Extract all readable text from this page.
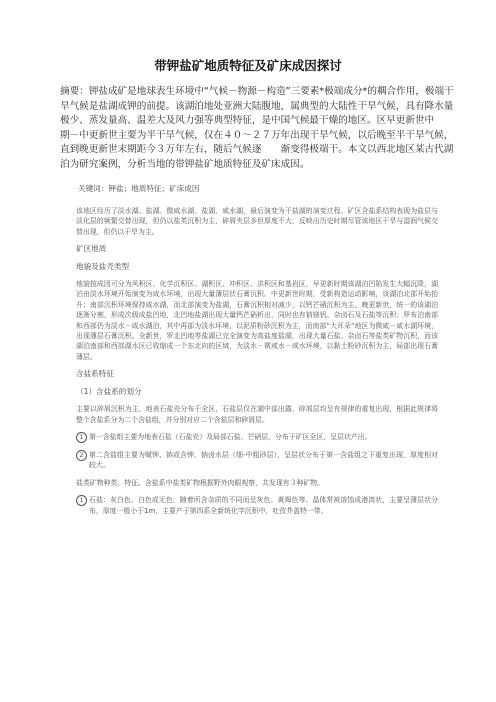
带钾盐矿地质特征及矿床成因探讨

摘要：钾盐成矿是地球表生环境中“气候－物源－构造”三要素*极端成分*的耦合作用，极端干旱气候是盐湖成钾的前提。该湖泊地处亚洲大陆腹地，属典型的大陆性干旱气候，具有降水量极少、蒸发量高、温差大及风力强等典型特征，是中国气候最干燥的地区。区早更新世中　　期－中更新世主要为半干旱气候，仅在４０～２７万年出现干旱气候，以后晚至半干旱气候，直到晚更新世末期距今３万年左右，随后气候逐　　渐变得极端干。本文以西北地区某古代湖泊为研究案例，分析当地的带钾盐矿地质特征及矿床成因。

关键词：钾盐；地质特征；矿床成因

该地区经历了淡水湖、盐湖、微咸水湖、盐湖、咸水湖，最后演变为干盐湖的演变过程。矿区含盐系结构表现为盐层与淡化层的频繁交替出现，但仍以盐类沉积为主，碎屑夹层多但厚度不大，反映出历史时期尽管该地区干旱与湿润气候交替出现，但仍以干旱为主。

矿区地质

地貌及盐壳类型

地貌按成因可分为风积区、化学沉积区、湖积区、冲积区、洪积区和基岩区，早更新时期该湖泊凹陷发生大幅沉降，湖泊由淡水环境开始演变为咸水环境，出现大量薄层状石膏沉积。中更新世时期，受新构造运动影响，该湖泊北部开始抬升；南部沉积环境保持咸水湖，而北部演变为盐湖，石膏沉积相对减少，以钙芒硝沉积为主。晚更新世，统一的该湖泊逐渐分割，形成次级成盐凹地，北凹地盐湖出现大量钙芒硝析出，同时也有钠镁钒、杂卤石及石盐等沉积；罗布泊南部和西部仍为淡水－咸水湖泊，其中再部为淡水环境，以泥质粉砂沉积为主，而南部“大耳朵”地区为微咸－咸水湖环境，出现薄层石膏沉积。全新世，罗北凹地等盐湖已完全演变为高盐度盐湖，出现大量石盐、杂卤石等盐类矿物沉积，而该湖泊南部和西部湖水区已收缩成一个东北向的区域，为淡水－微咸水－咸水环境，以黏土粉砂沉积为主，局部出现石膏薄层。

含盐系特征

（1）含盐系的划分

主要以碎屑沉积为主，地表石盐壳分布于全区，石盐层仅在湖中部出露，碎屑层均呈有规律的重复出现，根据此规律将整个含盐系分为二个含盐组，并分别对应二个含盐层和碎屑层。

1 第一含盐组主要为地表石盐（石盐壳）及局部石盐、芒硝层，分布于矿区全区，呈层状产出。

2 第二含盐组主要为赋钾、钠或含钾、钠卤水层（细-中粗砂层），呈层状分布于第一含盐组之下重复出现，厚度相对较大。

盐类矿物种类、特征。含盐系中盐类矿物根据野外肉眼观察，共发现有３种矿物。

1 石盐：灰白色、白色或无色，随着所含杂质的不同而呈灰色、黄褐色等。晶体常被溶蚀成港湾状，主要呈薄层状分布，厚度一般小于1m，主要产于第四系全新统化学沉积中，吐孜芥盖特一带。
